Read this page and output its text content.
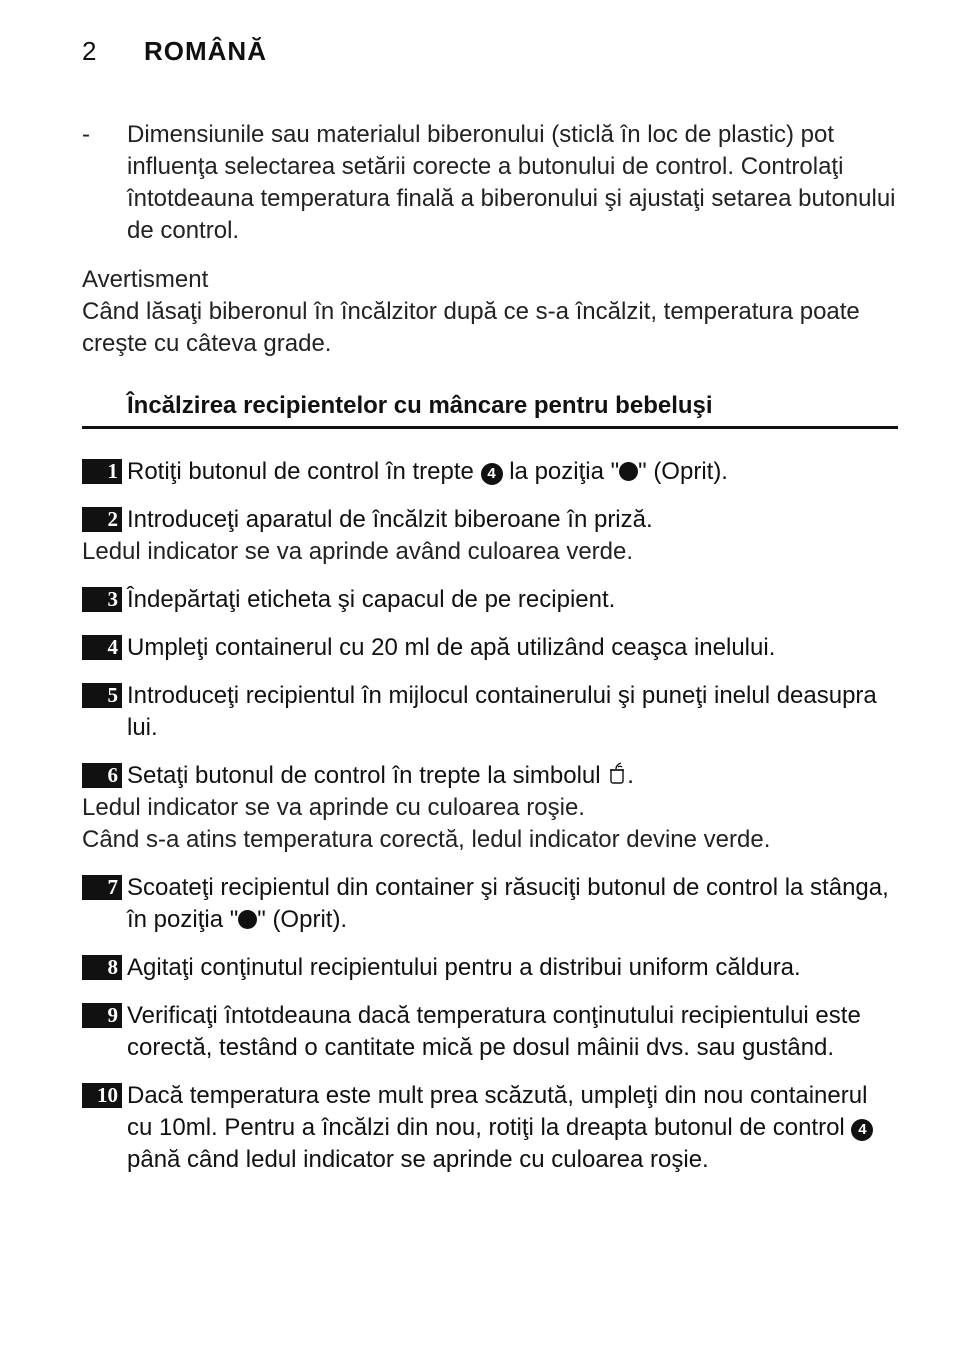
2 ROMÂNĂ
- Dimensiunile sau materialul biberonului (sticlă în loc de plastic) pot influenţa selectarea setării corecte a butonului de control. Controlaţi întotdeauna temperatura finală a biberonului şi ajustaţi setarea butonului de control.
Avertisment
Când lăsaţi biberonul în încălzitor după ce s-a încălzit, temperatura poate creşte cu câteva grade.
Încălzirea recipientelor cu mâncare pentru bebeluşi
1 Rotiţi butonul de control în trepte 4 la poziţia " " (Oprit).
2 Introduceţi aparatul de încălzit biberoane în priză.
Ledul indicator se va aprinde având culoarea verde.
3 Îndepărtaţi eticheta şi capacul de pe recipient.
4 Umpleţi containerul cu 20 ml de apă utilizând ceaşca inelului.
5 Introduceţi recipientul în mijlocul containerului şi puneţi inelul deasupra lui.
6 Setaţi butonul de control în trepte la simbolul .
Ledul indicator se va aprinde cu culoarea roşie.
Când s-a atins temperatura corectă, ledul indicator devine verde.
7 Scoateţi recipientul din container şi răsuciţi butonul de control la stânga, în poziţia " " (Oprit).
8 Agitaţi conţinutul recipientului pentru a distribui uniform căldura.
9 Verificaţi întotdeauna dacă temperatura conţinutului recipientului este corectă, testând o cantitate mică pe dosul mâinii dvs. sau gustând.
10 Dacă temperatura este mult prea scăzută, umpleţi din nou containerul cu 10ml. Pentru a încălzi din nou, rotiţi la dreapta butonul de control 4 până când ledul indicator se aprinde cu culoarea roşie.
